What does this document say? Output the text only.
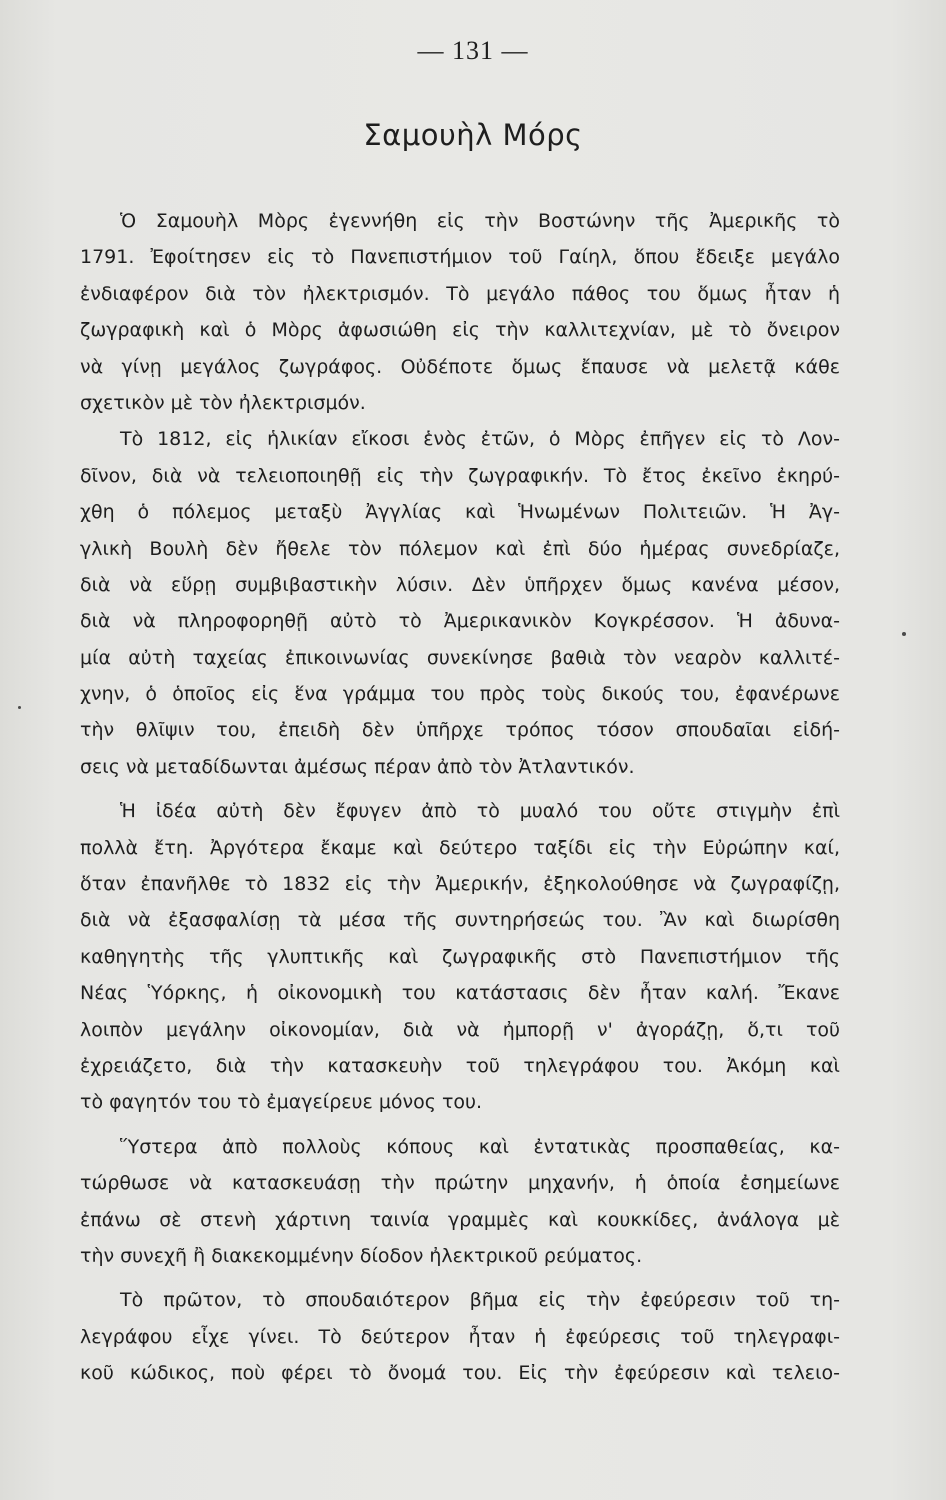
— 131 —
Σαμουὴλ Μόρς
Ὁ Σαμουὴλ Μὸρς ἐγεννήθη εἰς τὴν Βοστώνην τῆς Ἀμερικῆς τὸ
1791. Ἐφοίτησεν εἰς τὸ Πανεπιστήμιον τοῦ Γαίηλ, ὅπου ἔδειξε μεγάλο
ἐνδιαφέρον διὰ τὸν ἠλεκτρισμόν. Τὸ μεγάλο πάθος του ὅμως ἦταν ἡ
ζωγραφικὴ καὶ ὁ Μὸρς ἀφωσιώθη εἰς τὴν καλλιτεχνίαν, μὲ τὸ ὄνειρον
νὰ γίνῃ μεγάλος ζωγράφος. Οὐδέποτε ὅμως ἔπαυσε νὰ μελετᾷ κάθε
σχετικὸν μὲ τὸν ἠλεκτρισμόν.
Τὸ 1812, εἰς ἡλικίαν εἴκοσι ἑνὸς ἐτῶν, ὁ Μὸρς ἐπῆγεν εἰς τὸ Λον-
δῖνον, διὰ νὰ τελειοποιηθῇ εἰς τὴν ζωγραφικήν. Τὸ ἔτος ἐκεῖνο ἐκηρύ-
χθη ὁ πόλεμος μεταξὺ Ἀγγλίας καὶ Ἡνωμένων Πολιτειῶν. Ἡ Ἀγ-
γλικὴ Βουλὴ δὲν ἤθελε τὸν πόλεμον καὶ ἐπὶ δύο ἡμέρας συνεδρίαζε,
διὰ νὰ εὕρῃ συμβιβαστικὴν λύσιν. Δὲν ὑπῆρχεν ὅμως κανένα μέσον,
διὰ νὰ πληροφορηθῇ αὐτὸ τὸ Ἀμερικανικὸν Κογκρέσσον. Ἡ ἀδυνα-
μία αὐτὴ ταχείας ἐπικοινωνίας συνεκίνησε βαθιὰ τὸν νεαρὸν καλλιτέ-
χνην, ὁ ὁποῖος εἰς ἕνα γράμμα του πρὸς τοὺς δικούς του, ἐφανέρωνε
τὴν θλῖψιν του, ἐπειδὴ δὲν ὑπῆρχε τρόπος τόσον σπουδαῖαι εἰδή-
σεις νὰ μεταδίδωνται ἀμέσως πέραν ἀπὸ τὸν Ἀτλαντικόν.
Ἡ ἰδέα αὐτὴ δὲν ἔφυγεν ἀπὸ τὸ μυαλό του οὔτε στιγμὴν ἐπὶ
πολλὰ ἔτη. Ἀργότερα ἔκαμε καὶ δεύτερο ταξίδι εἰς τὴν Εὐρώπην καί,
ὅταν ἐπανῆλθε τὸ 1832 εἰς τὴν Ἀμερικήν, ἐξηκολούθησε νὰ ζωγραφίζῃ,
διὰ νὰ ἐξασφαλίσῃ τὰ μέσα τῆς συντηρήσεώς του. Ἂν καὶ διωρίσθη
καθηγητὴς τῆς γλυπτικῆς καὶ ζωγραφικῆς στὸ Πανεπιστήμιον τῆς
Νέας Ὑόρκης, ἡ οἰκονομικὴ του κατάστασις δὲν ἦταν καλή. Ἔκανε
λοιπὸν μεγάλην οἰκονομίαν, διὰ νὰ ἠμπορῇ ν' ἀγοράζῃ, ὅ,τι τοῦ
ἐχρειάζετο, διὰ τὴν κατασκευὴν τοῦ τηλεγράφου του. Ἀκόμη καὶ
τὸ φαγητόν του τὸ ἐμαγείρευε μόνος του.
Ὕστερα ἀπὸ πολλοὺς κόπους καὶ ἐντατικὰς προσπαθείας, κα-
τώρθωσε νὰ κατασκευάσῃ τὴν πρώτην μηχανήν, ἡ ὁποία ἐσημείωνε
ἐπάνω σὲ στενὴ χάρτινη ταινία γραμμὲς καὶ κουκκίδες, ἀνάλογα μὲ
τὴν συνεχῆ ἢ διακεκομμένην δίοδον ἠλεκτρικοῦ ρεύματος.
Τὸ πρῶτον, τὸ σπουδαιότερον βῆμα εἰς τὴν ἐφεύρεσιν τοῦ τη-
λεγράφου εἶχε γίνει. Τὸ δεύτερον ἦταν ἡ ἐφεύρεσις τοῦ τηλεγραφι-
κοῦ κώδικος, ποὺ φέρει τὸ ὄνομά του. Εἰς τὴν ἐφεύρεσιν καὶ τελειο-
